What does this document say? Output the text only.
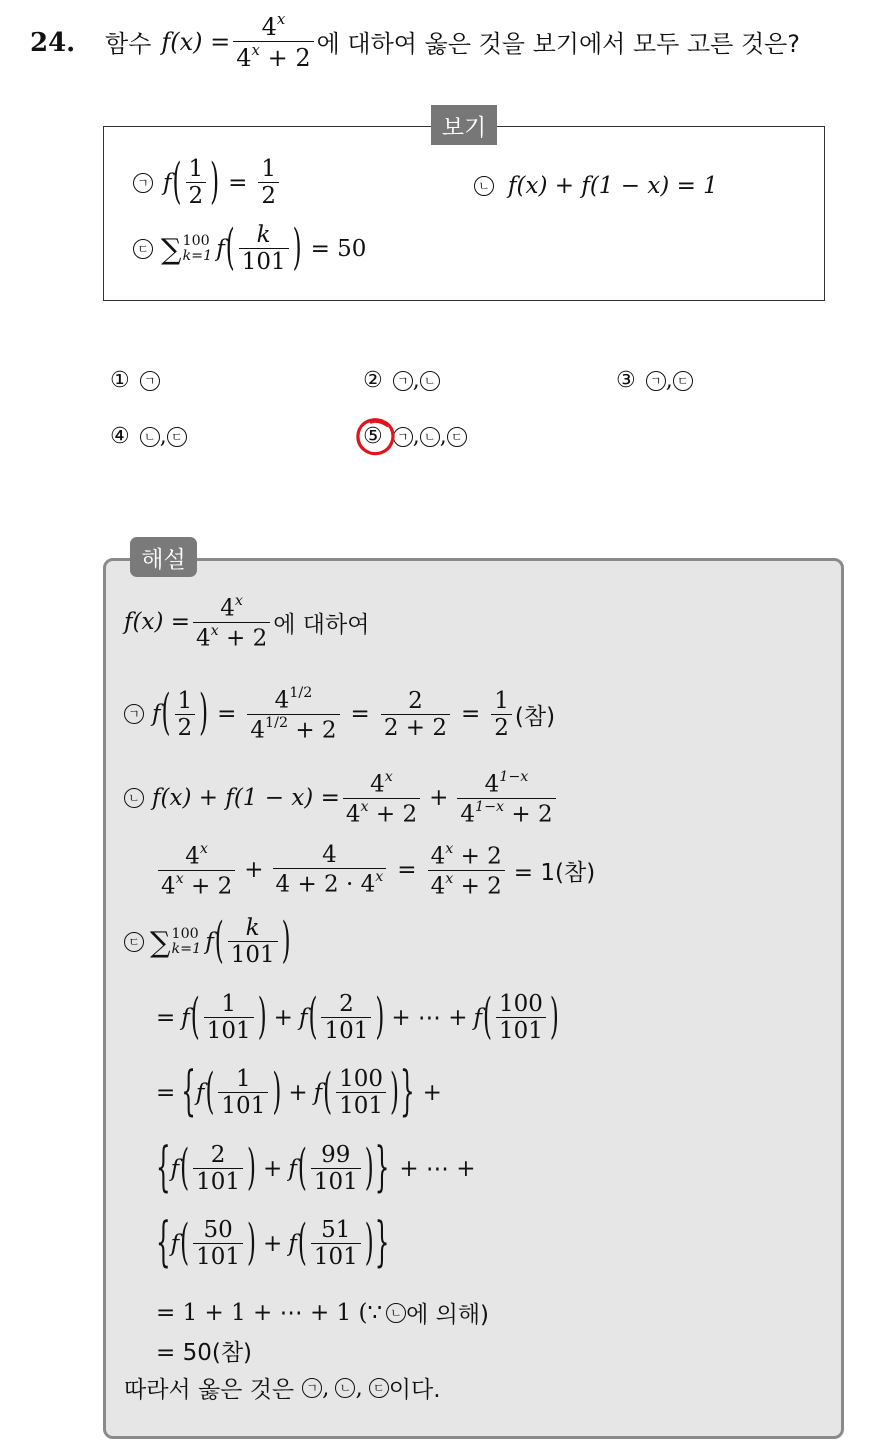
24. 함수 $f(x) = \frac{4^x}{4^x + 2}$ 에 대하여 옳은 것을 보기에서 모두 고른 것은?
보기
ㄱ f ( $\frac{1}{2}$ ) = $\frac{1}{2}$	ㄴ f(x) + f(1 − x) = 1
ㄷ ∑ 100
k=1 f ( $\frac{k}{101}$ ) = 50
①	ㄱ	②	ㄱ , ㄴ	③	ㄱ , ㄷ
④	ㄴ , ㄷ	⑤	ㄱ , ㄴ , ㄷ
해설
$f(x) = \frac{4^x}{4^x + 2}$ 에 대하여
ㄱ f ( $\frac{1}{2}$ ) = $\frac{4^{1/2}}{4^{1/2} + 2} = \frac{2}{2 + 2} = \frac{1}{2}$ (참)
ㄴ $f(x) + f(1 - x) = \frac{4^x}{4^x + 2} + \frac{4^{1-x}}{4^{1-x} + 2}$
$\frac{4^x}{4^x + 2} + \frac{4}{4 + 2 \cdot 4^x} = \frac{4^x + 2}{4^x + 2} = 1$(참)
ㄷ ∑ 100
k=1 f ( $\frac{k}{101}$ )
= f ( $\frac{1}{101}$ ) + f ( $\frac{2}{101}$ ) + ⋯ + f ( $\frac{100}{101}$ )
= { f ( $\frac{1}{101}$ ) + f ( $\frac{100}{101}$ ) } +
{ f ( $\frac{2}{101}$ ) + f ( $\frac{99}{101}$ ) } + ⋯ +
{ f ( $\frac{50}{101}$ ) + f ( $\frac{51}{101}$ ) }
= 1 + 1 + ⋯ + 1 (∵ ㄴ 에 의해)
= 50(참)
따라서 옳은 것은	ㄱ , ㄴ , ㄷ 이다.
